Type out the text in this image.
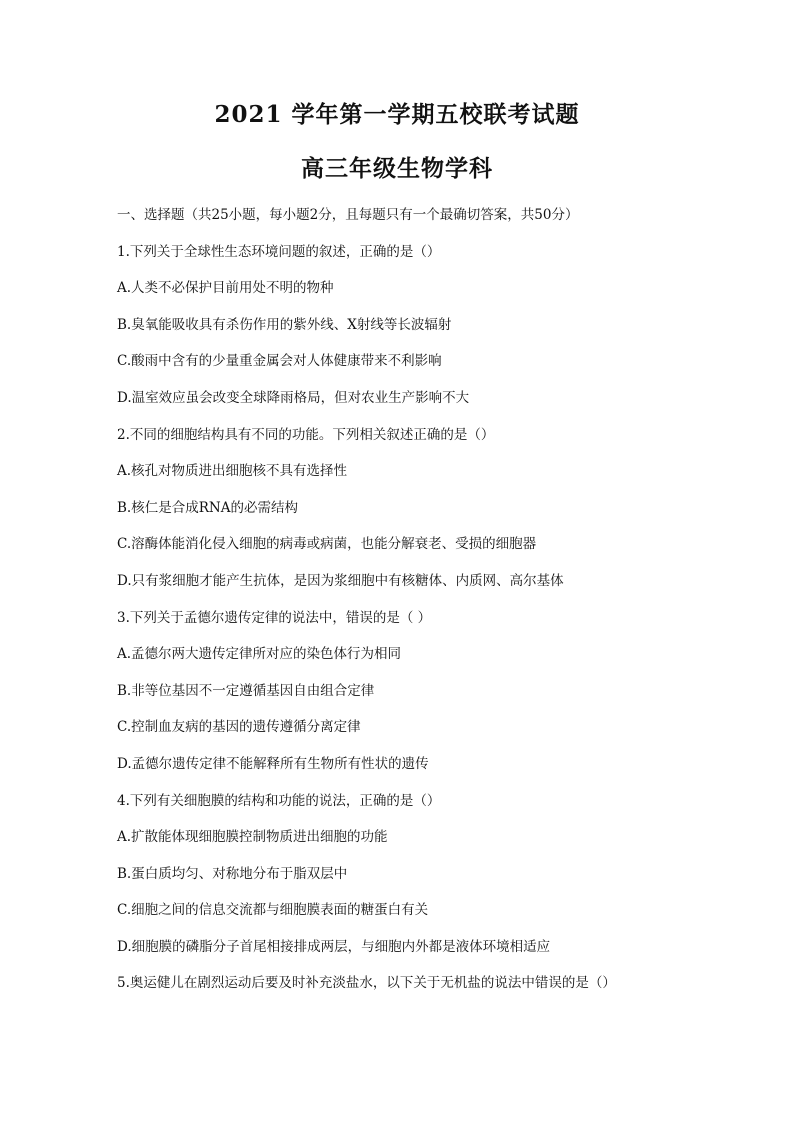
2021 学年第一学期五校联考试题
高三年级生物学科
一、选择题（共25小题，每小题2分，且每题只有一个最确切答案，共50分）
1.下列关于全球性生态环境问题的叙述，正确的是（）
A.人类不必保护目前用处不明的物种
B.臭氧能吸收具有杀伤作用的紫外线、X射线等长波辐射
C.酸雨中含有的少量重金属会对人体健康带来不利影响
D.温室效应虽会改变全球降雨格局，但对农业生产影响不大
2.不同的细胞结构具有不同的功能。下列相关叙述正确的是（）
A.核孔对物质进出细胞核不具有选择性
B.核仁是合成RNA的必需结构
C.溶酶体能消化侵入细胞的病毒或病菌，也能分解衰老、受损的细胞器
D.只有浆细胞才能产生抗体，是因为浆细胞中有核糖体、内质网、高尔基体
3.下列关于孟德尔遗传定律的说法中，错误的是（ ）
A.孟德尔两大遗传定律所对应的染色体行为相同
B.非等位基因不一定遵循基因自由组合定律
C.控制血友病的基因的遗传遵循分离定律
D.孟德尔遗传定律不能解释所有生物所有性状的遗传
4.下列有关细胞膜的结构和功能的说法，正确的是（）
A.扩散能体现细胞膜控制物质进出细胞的功能
B.蛋白质均匀、对称地分布于脂双层中
C.细胞之间的信息交流都与细胞膜表面的糖蛋白有关
D.细胞膜的磷脂分子首尾相接排成两层，与细胞内外都是液体环境相适应
5.奥运健儿在剧烈运动后要及时补充淡盐水，以下关于无机盐的说法中错误的是（）
